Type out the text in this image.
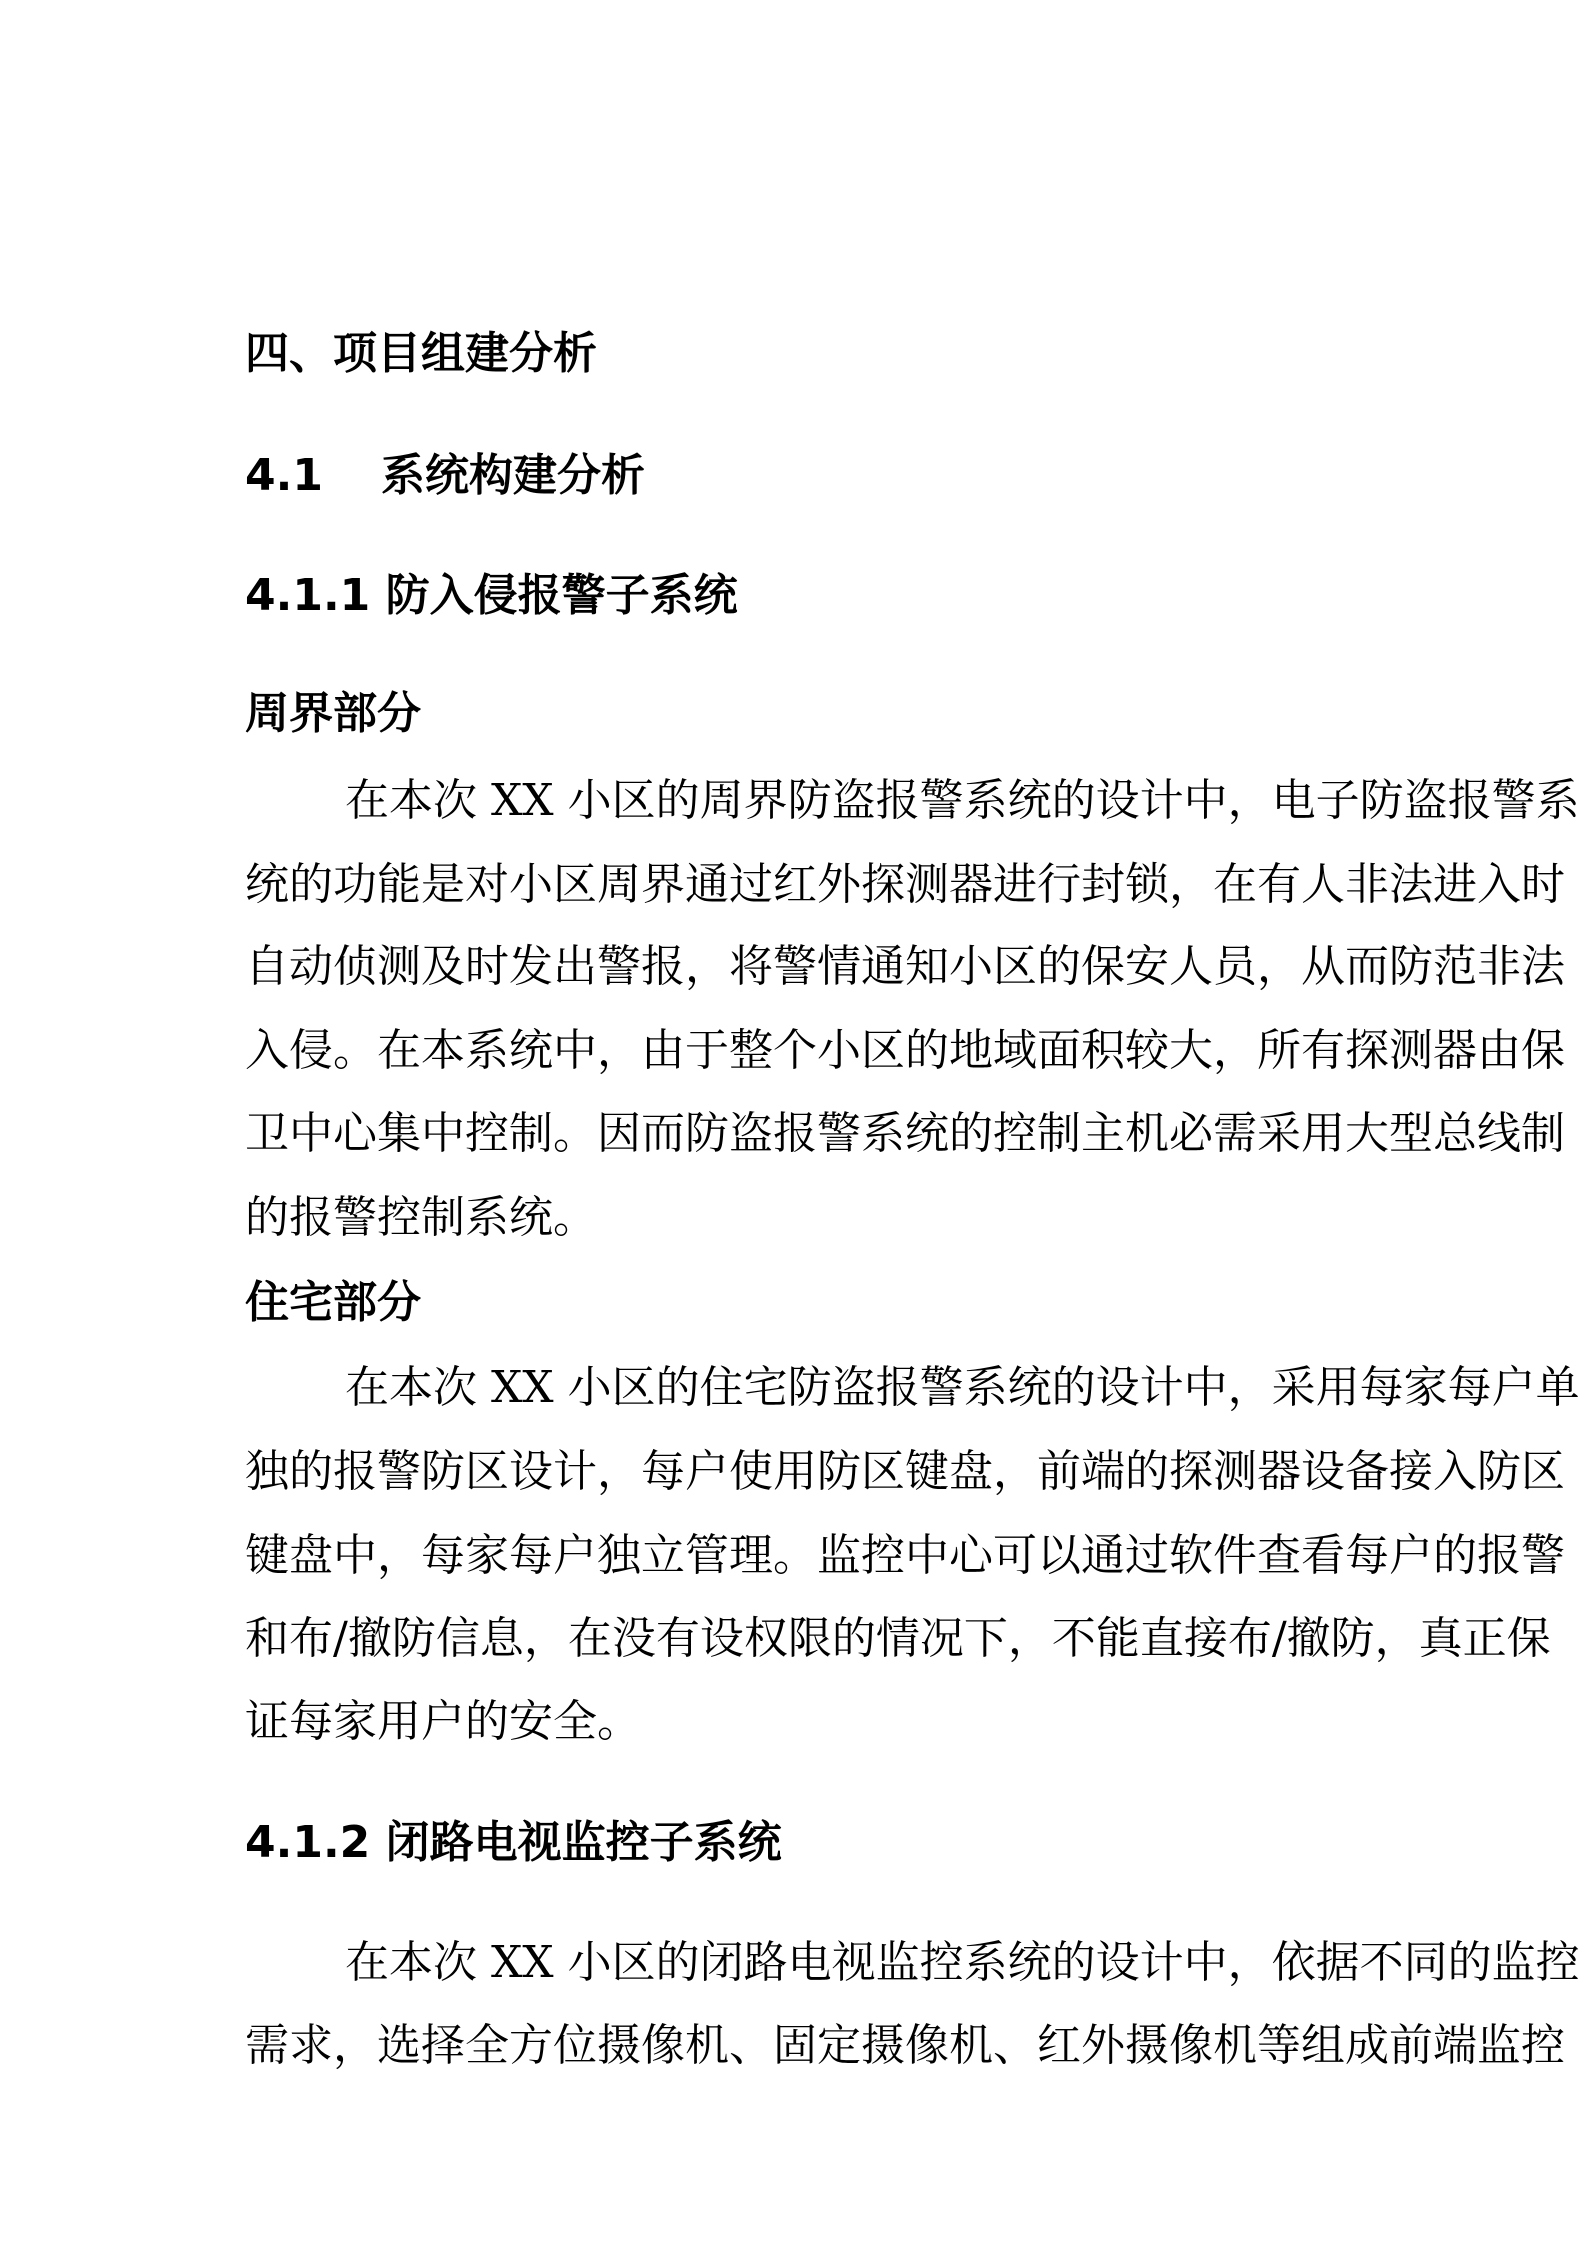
四、项目组建分析
4.1 系统构建分析
4.1.1 防入侵报警子系统
周界部分
在本次 XX 小区的周界防盗报警系统的设计中，电子防盗报警系
统的功能是对小区周界通过红外探测器进行封锁，在有人非法进入时
自动侦测及时发出警报，将警情通知小区的保安人员，从而防范非法
入侵。在本系统中，由于整个小区的地域面积较大，所有探测器由保
卫中心集中控制。因而防盗报警系统的控制主机必需采用大型总线制
的报警控制系统。
住宅部分
在本次 XX 小区的住宅防盗报警系统的设计中，采用每家每户单
独的报警防区设计，每户使用防区键盘，前端的探测器设备接入防区
键盘中，每家每户独立管理。监控中心可以通过软件查看每户的报警
和布/撤防信息，在没有设权限的情况下，不能直接布/撤防，真正保
证每家用户的安全。
4.1.2 闭路电视监控子系统
在本次 XX 小区的闭路电视监控系统的设计中，依据不同的监控
需求，选择全方位摄像机、固定摄像机、红外摄像机等组成前端监控
